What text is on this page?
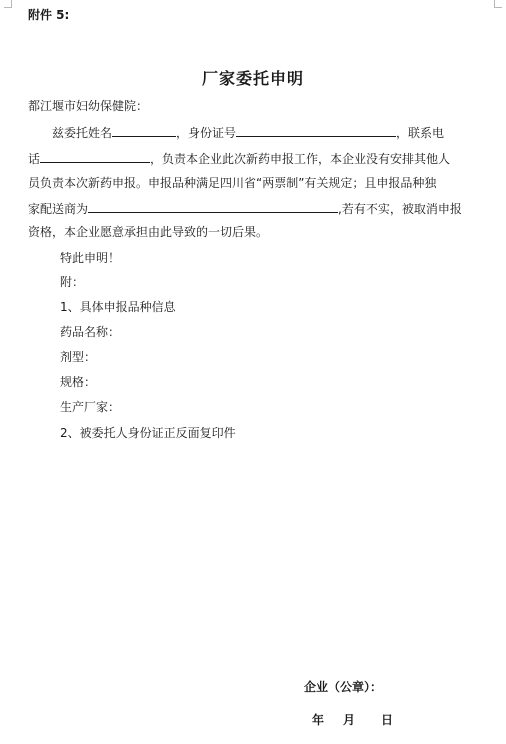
附件 5:
厂家委托申明
都江堰市妇幼保健院：
兹委托姓名	，身份证号	，联系电
话	，负责本企业此次新药申报工作，本企业没有安排其他人
员负责本次新药申报。申报品种满足四川省“两票制”有关规定；且申报品种独
家配送商为	,若有不实，被取消申报
资格，本企业愿意承担由此导致的一切后果。
特此申明！
附：
1、具体申报品种信息
药品名称：
剂型：
规格：
生产厂家：
2、被委托人身份证正反面复印件
企业（公章）：
年 月 日
